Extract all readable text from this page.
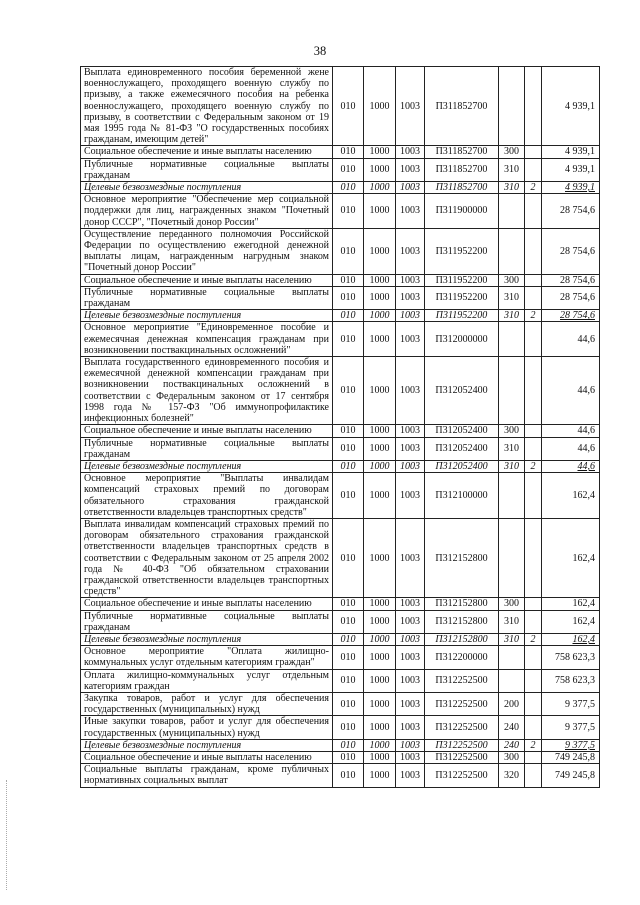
38
Выплата единовременного пособия беременной жене военнослужащего, проходящего военную службу по призыву, а также ежемесячного пособия на ребенка военнослужащего, проходящего военную службу по призыву, в соответствии с Федеральным законом от 19 мая 1995 года № 81-ФЗ "О государственных пособиях гражданам, имеющим детей"	010	1000	1003	П311852700			4 939,1
Социальное обеспечение и иные выплаты населению	010	1000	1003	П311852700	300		4 939,1
Публичные нормативные социальные выплаты гражданам	010	1000	1003	П311852700	310		4 939,1
Целевые безвозмездные поступления	010	1000	1003	П311852700	310	2	4 939,1
Основное мероприятие "Обеспечение мер социальной поддержки для лиц, награжденных знаком "Почетный донор СССР", "Почетный донор России"	010	1000	1003	П311900000			28 754,6
Осуществление переданного полномочия Российской Федерации по осуществлению ежегодной денежной выплаты лицам, награжденным нагрудным знаком "Почетный донор России"	010	1000	1003	П311952200			28 754,6
Социальное обеспечение и иные выплаты населению	010	1000	1003	П311952200	300		28 754,6
Публичные нормативные социальные выплаты гражданам	010	1000	1003	П311952200	310		28 754,6
Целевые безвозмездные поступления	010	1000	1003	П311952200	310	2	28 754,6
Основное мероприятие "Единовременное пособие и ежемесячная денежная компенсация гражданам при возникновении поствакцинальных осложнений"	010	1000	1003	П312000000			44,6
Выплата государственного единовременного пособия и ежемесячной денежной компенсации гражданам при возникновении поствакцинальных осложнений в соответствии с Федеральным законом от 17 сентября 1998 года № 157-ФЗ "Об иммунопрофилактике инфекционных болезней"	010	1000	1003	П312052400			44,6
Социальное обеспечение и иные выплаты населению	010	1000	1003	П312052400	300		44,6
Публичные нормативные социальные выплаты гражданам	010	1000	1003	П312052400	310		44,6
Целевые безвозмездные поступления	010	1000	1003	П312052400	310	2	44,6
Основное мероприятие "Выплаты инвалидам компенсаций страховых премий по договорам обязательного страхования гражданской ответственности владельцев транспортных средств"	010	1000	1003	П312100000			162,4
Выплата инвалидам компенсаций страховых премий по договорам обязательного страхования гражданской ответственности владельцев транспортных средств в соответствии с Федеральным законом от 25 апреля 2002 года № 40-ФЗ "Об обязательном страховании гражданской ответственности владельцев транспортных средств"	010	1000	1003	П312152800			162,4
Социальное обеспечение и иные выплаты населению	010	1000	1003	П312152800	300		162,4
Публичные нормативные социальные выплаты гражданам	010	1000	1003	П312152800	310		162,4
Целевые безвозмездные поступления	010	1000	1003	П312152800	310	2	162,4
Основное мероприятие "Оплата жилищно-коммунальных услуг отдельным категориям граждан"	010	1000	1003	П312200000			758 623,3
Оплата жилищно-коммунальных услуг отдельным категориям граждан	010	1000	1003	П312252500			758 623,3
Закупка товаров, работ и услуг для обеспечения государственных (муниципальных) нужд	010	1000	1003	П312252500	200		9 377,5
Иные закупки товаров, работ и услуг для обеспечения государственных (муниципальных) нужд	010	1000	1003	П312252500	240		9 377,5
Целевые безвозмездные поступления	010	1000	1003	П312252500	240	2	9 377,5
Социальное обеспечение и иные выплаты населению	010	1000	1003	П312252500	300		749 245,8
Социальные выплаты гражданам, кроме публичных нормативных социальных выплат	010	1000	1003	П312252500	320		749 245,8
